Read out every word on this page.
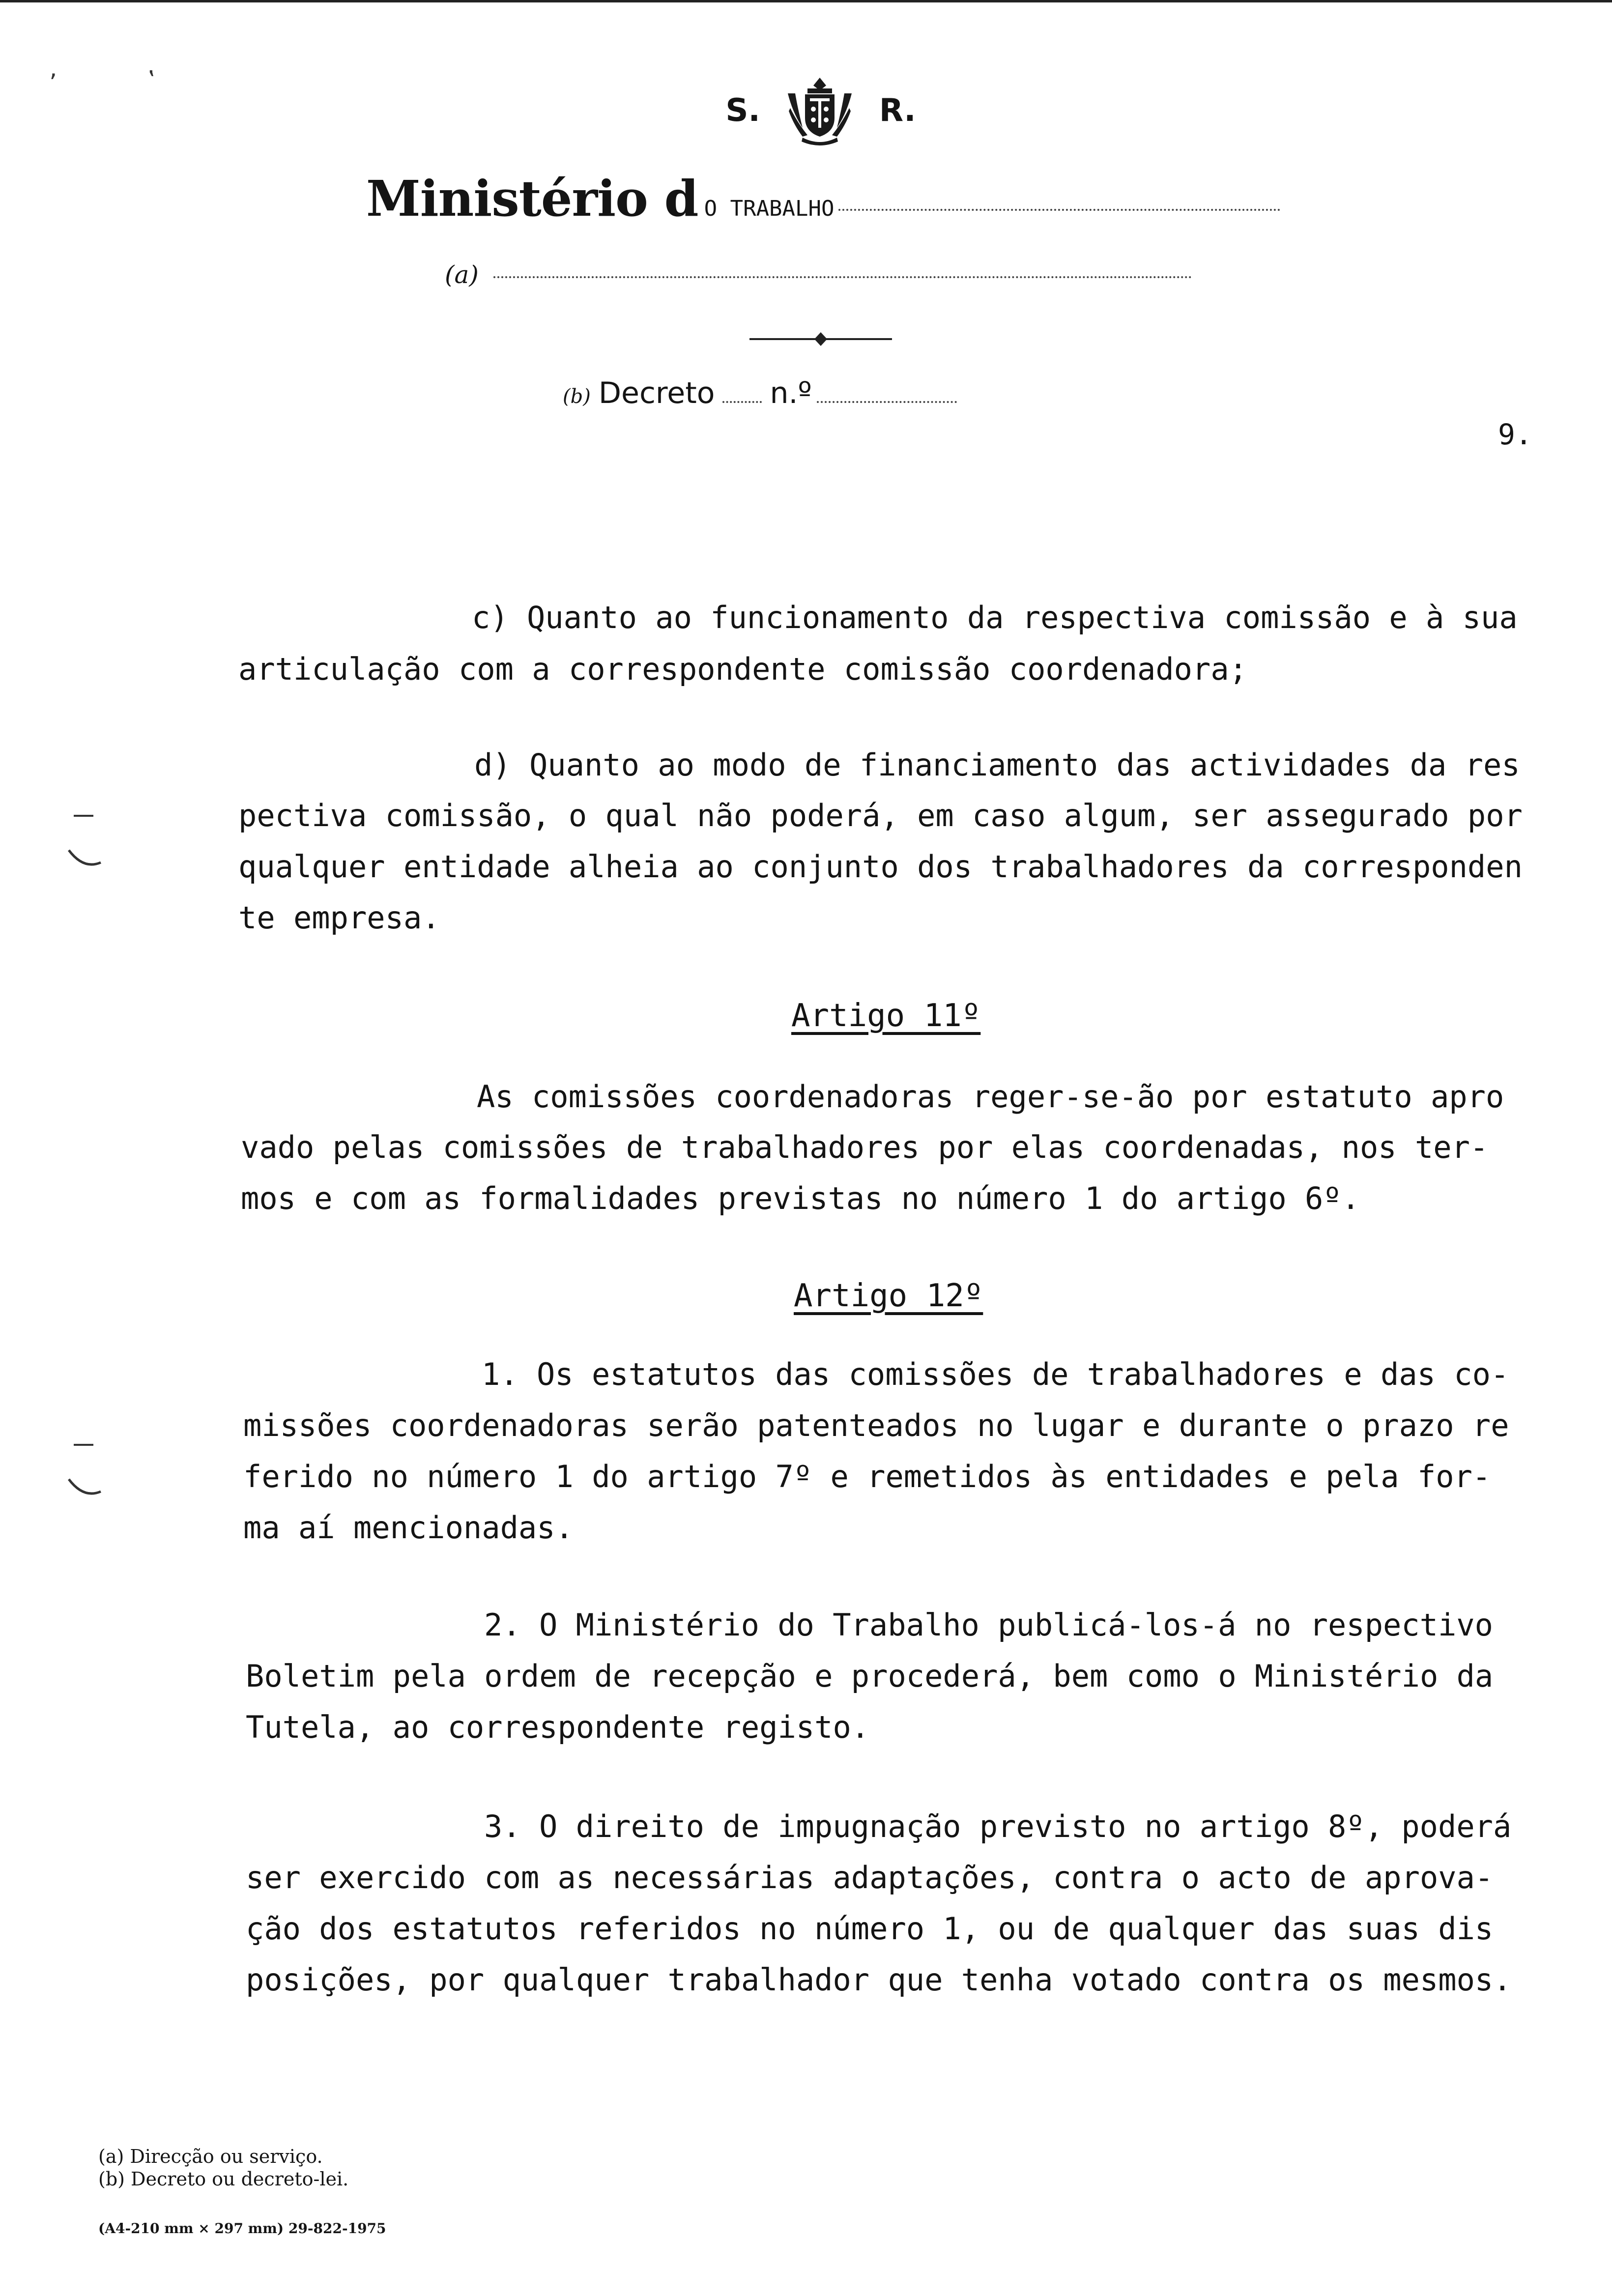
ʼ	ʽ
S.	R.
Ministério d O TRABALHO
(a)
(b) Decreto n.º
9.
c) Quanto ao funcionamento da respectiva comissão e à sua
articulação com a correspondente comissão coordenadora;
d) Quanto ao modo de financiamento das actividades da res
pectiva comissão, o qual não poderá, em caso algum, ser assegurado por
qualquer entidade alheia ao conjunto dos trabalhadores da corresponden
te empresa.
Artigo 11º
As comissões coordenadoras reger-se-ão por estatuto apro
vado pelas comissões de trabalhadores por elas coordenadas, nos ter-
mos e com as formalidades previstas no número 1 do artigo 6º.
Artigo 12º
1. Os estatutos das comissões de trabalhadores e das co-
missões coordenadoras serão patenteados no lugar e durante o prazo re
ferido no número 1 do artigo 7º e remetidos às entidades e pela for-
ma aí mencionadas.
2. O Ministério do Trabalho publicá-los-á no respectivo
Boletim pela ordem de recepção e procederá, bem como o Ministério da
Tutela, ao correspondente registo.
3. O direito de impugnação previsto no artigo 8º, poderá
ser exercido com as necessárias adaptações, contra o acto de aprova-
ção dos estatutos referidos no número 1, ou de qualquer das suas dis
posições, por qualquer trabalhador que tenha votado contra os mesmos.
(a) Direcção ou serviço.
(b) Decreto ou decreto-lei.
(A4-210 mm × 297 mm) 29-822-1975
